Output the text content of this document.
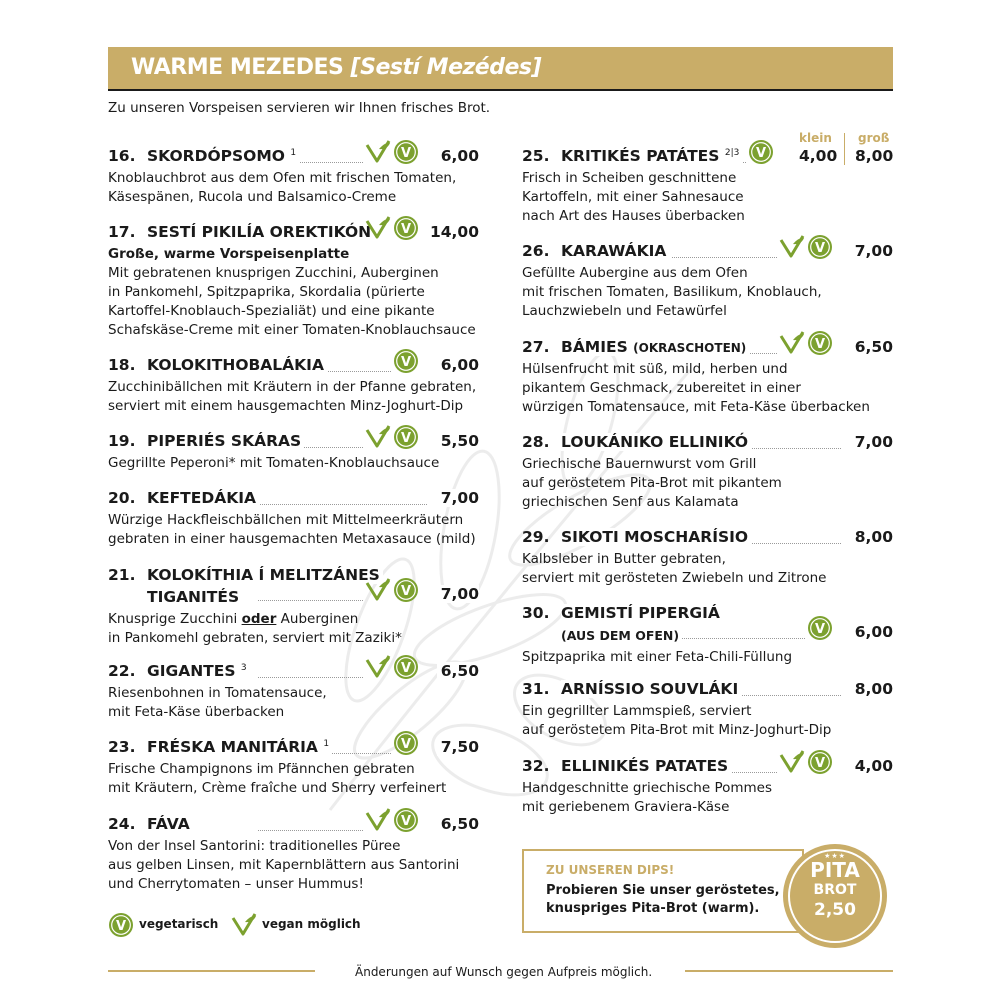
WARME MEZEDES [Sestí Mezédes]
Zu unseren Vorspeisen servieren wir Ihnen frisches Brot.
klein groß
16. SKORDÓPSOMO $^1$
Knoblauchbrot aus dem Ofen mit frischen Tomaten,
Käsespänen, Rucola und Balsamico-Creme
6,00
V
17. SESTÍ PIKILÍA OREKTIKÓN
Große, warme Vorspeisenplatte
Mit gebratenen knusprigen Zucchini, Auberginen
in Pankomehl, Spitzpaprika, Skordalia (pürierte
Kartoffel-Knoblauch-Spezialiät) und eine pikante
Schafskäse-Creme mit einer Tomaten-Knoblauchsauce
14,00
V
18. KOLOKITHOBALÁKIA
Zucchinibällchen mit Kräutern in der Pfanne gebraten,
serviert mit einem hausgemachten Minz-Joghurt-Dip
6,00
V
19. PIPERIÉS SKÁRAS
Gegrillte Peperoni* mit Tomaten-Knoblauchsauce
5,50
V
20. KEFTEDÁKIA
Würzige Hackfleischbällchen mit Mittelmeerkräutern
gebraten in einer hausgemachten Metaxasauce (mild)
7,00
21. KOLOKÍTHIA Í MELITZÁNES
TIGANITÉS
Knusprige Zucchini oder Auberginen
in Pankomehl gebraten, serviert mit Zaziki*
7,00
V
22. GIGANTES $^3$
Riesenbohnen in Tomatensauce,
mit Feta-Käse überbacken
6,50
V
23. FRÉSKA MANITÁRIA $^1$
Frische Champignons im Pfännchen gebraten
mit Kräutern, Crème fraîche und Sherry verfeinert
7,50
V
24. FÁVA
Von der Insel Santorini: traditionelles Püree
aus gelben Linsen, mit Kapernblättern aus Santorini
und Cherrytomaten – unser Hummus!
6,50
V
25. KRITIKÉS PATÁTES $^{2|3}$
Frisch in Scheiben geschnittene
Kartoffeln, mit einer Sahnesauce
nach Art des Hauses überbacken
4,00 8,00
V
26. KARAWÁKIA
Gefüllte Aubergine aus dem Ofen
mit frischen Tomaten, Basilikum, Knoblauch,
Lauchzwiebeln und Fetawürfel
7,00
V
27. BÁMIES (OKRASCHOTEN)
Hülsenfrucht mit süß, mild, herben und
pikantem Geschmack, zubereitet in einer
würzigen Tomatensauce, mit Feta-Käse überbacken
6,50
V
28. LOUKÁNIKO ELLINIKÓ
Griechische Bauernwurst vom Grill
auf geröstetem Pita-Brot mit pikantem
griechischen Senf aus Kalamata
7,00
29. SIKOTI MOSCHARÍSIO
Kalbsleber in Butter gebraten,
serviert mit gerösteten Zwiebeln und Zitrone
8,00
30. GEMISTÍ PIPERGIÁ
(AUS DEM OFEN)
Spitzpaprika mit einer Feta-Chili-Füllung
6,00
V
31. ARNÍSSIO SOUVLÁKI
Ein gegrillter Lammspieß, serviert
auf geröstetem Pita-Brot mit Minz-Joghurt-Dip
8,00
32. ELLINIKÉS PATATES
Handgeschnitte griechische Pommes
mit geriebenem Graviera-Käse
4,00
V
ZU UNSEREN DIPS!
Probieren Sie unser geröstetes,
knuspriges Pita-Brot (warm).
★★★
PITA
BROT
2,50
V vegetarisch	vegan möglich
Änderungen auf Wunsch gegen Aufpreis möglich.
